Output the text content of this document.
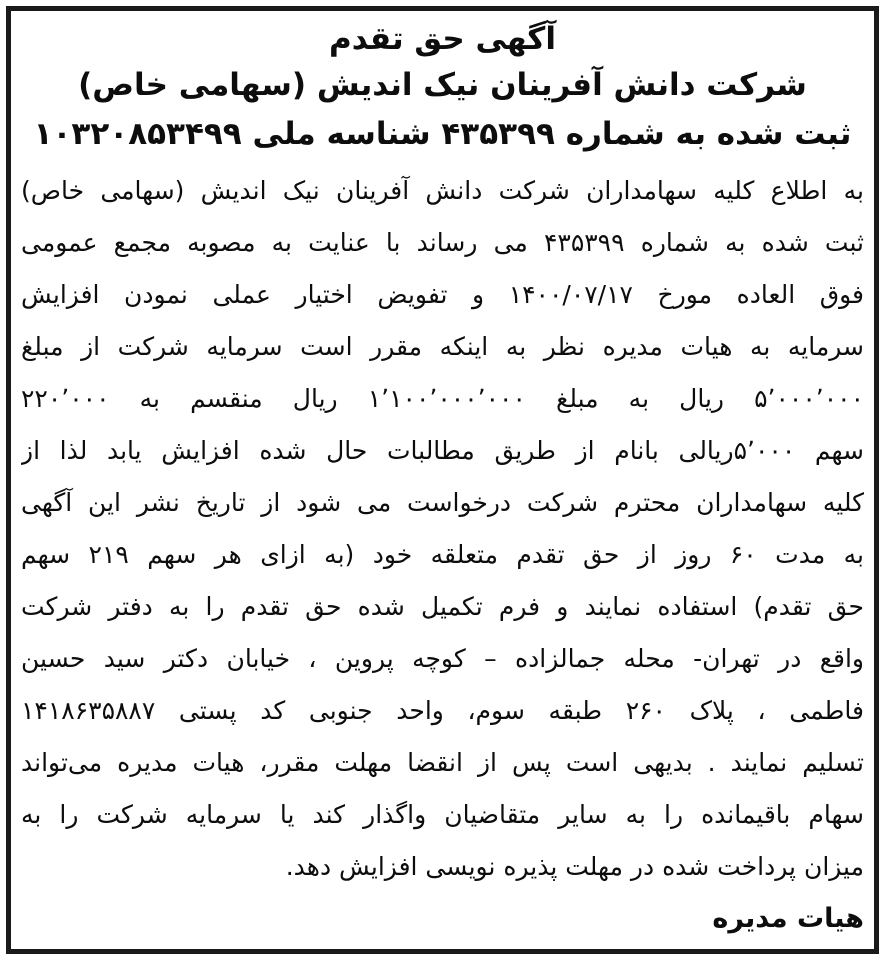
آگهی حق تقدم
شرکت دانش آفرینان نیک اندیش (سهامی خاص)
ثبت شده به شماره ۴۳۵۳۹۹ شناسه ملی ۱۰۳۲۰۸۵۳۴۹۹
به اطلاع کلیه سهامداران شرکت دانش آفرینان نیک اندیش (سهامی خاص)
ثبت شده به شماره ۴۳۵۳۹۹ می رساند با عنایت به مصوبه مجمع عمومی
فوق العاده مورخ ۱۴۰۰/۰۷/۱۷ و تفویض اختیار عملی نمودن افزایش
سرمایه به هیات مدیره نظر به اینکه مقرر است سرمایه شرکت از مبلغ
۵٬۰۰۰٬۰۰۰ ریال به مبلغ ۱٬۱۰۰٬۰۰۰٬۰۰۰ ریال منقسم به ۲۲۰٬۰۰۰
سهم ۵٬۰۰۰ریالی بانام از طریق مطالبات حال شده افزایش یابد لذا از
کلیه سهامداران محترم شرکت درخواست می شود از تاریخ نشر این آگهی
به مدت ۶۰ روز از حق تقدم متعلقه خود (به ازای هر سهم ۲۱۹ سهم
حق تقدم) استفاده نمایند و فرم تکمیل شده حق تقدم را به دفتر شرکت
واقع در تهران- محله جمالزاده – کوچه پروین ، خیابان دکتر سید حسین
فاطمی ، پلاک ۲۶۰ طبقه سوم، واحد جنوبی کد پستی ۱۴۱۸۶۳۵۸۸۷
تسلیم نمایند . بدیهی است پس از انقضا مهلت مقرر، هیات مدیره می‌تواند
سهام باقیمانده را به سایر متقاضیان واگذار کند یا سرمایه شرکت را به
میزان پرداخت شده در مهلت پذیره نویسی افزایش دهد.
هیات مدیره
